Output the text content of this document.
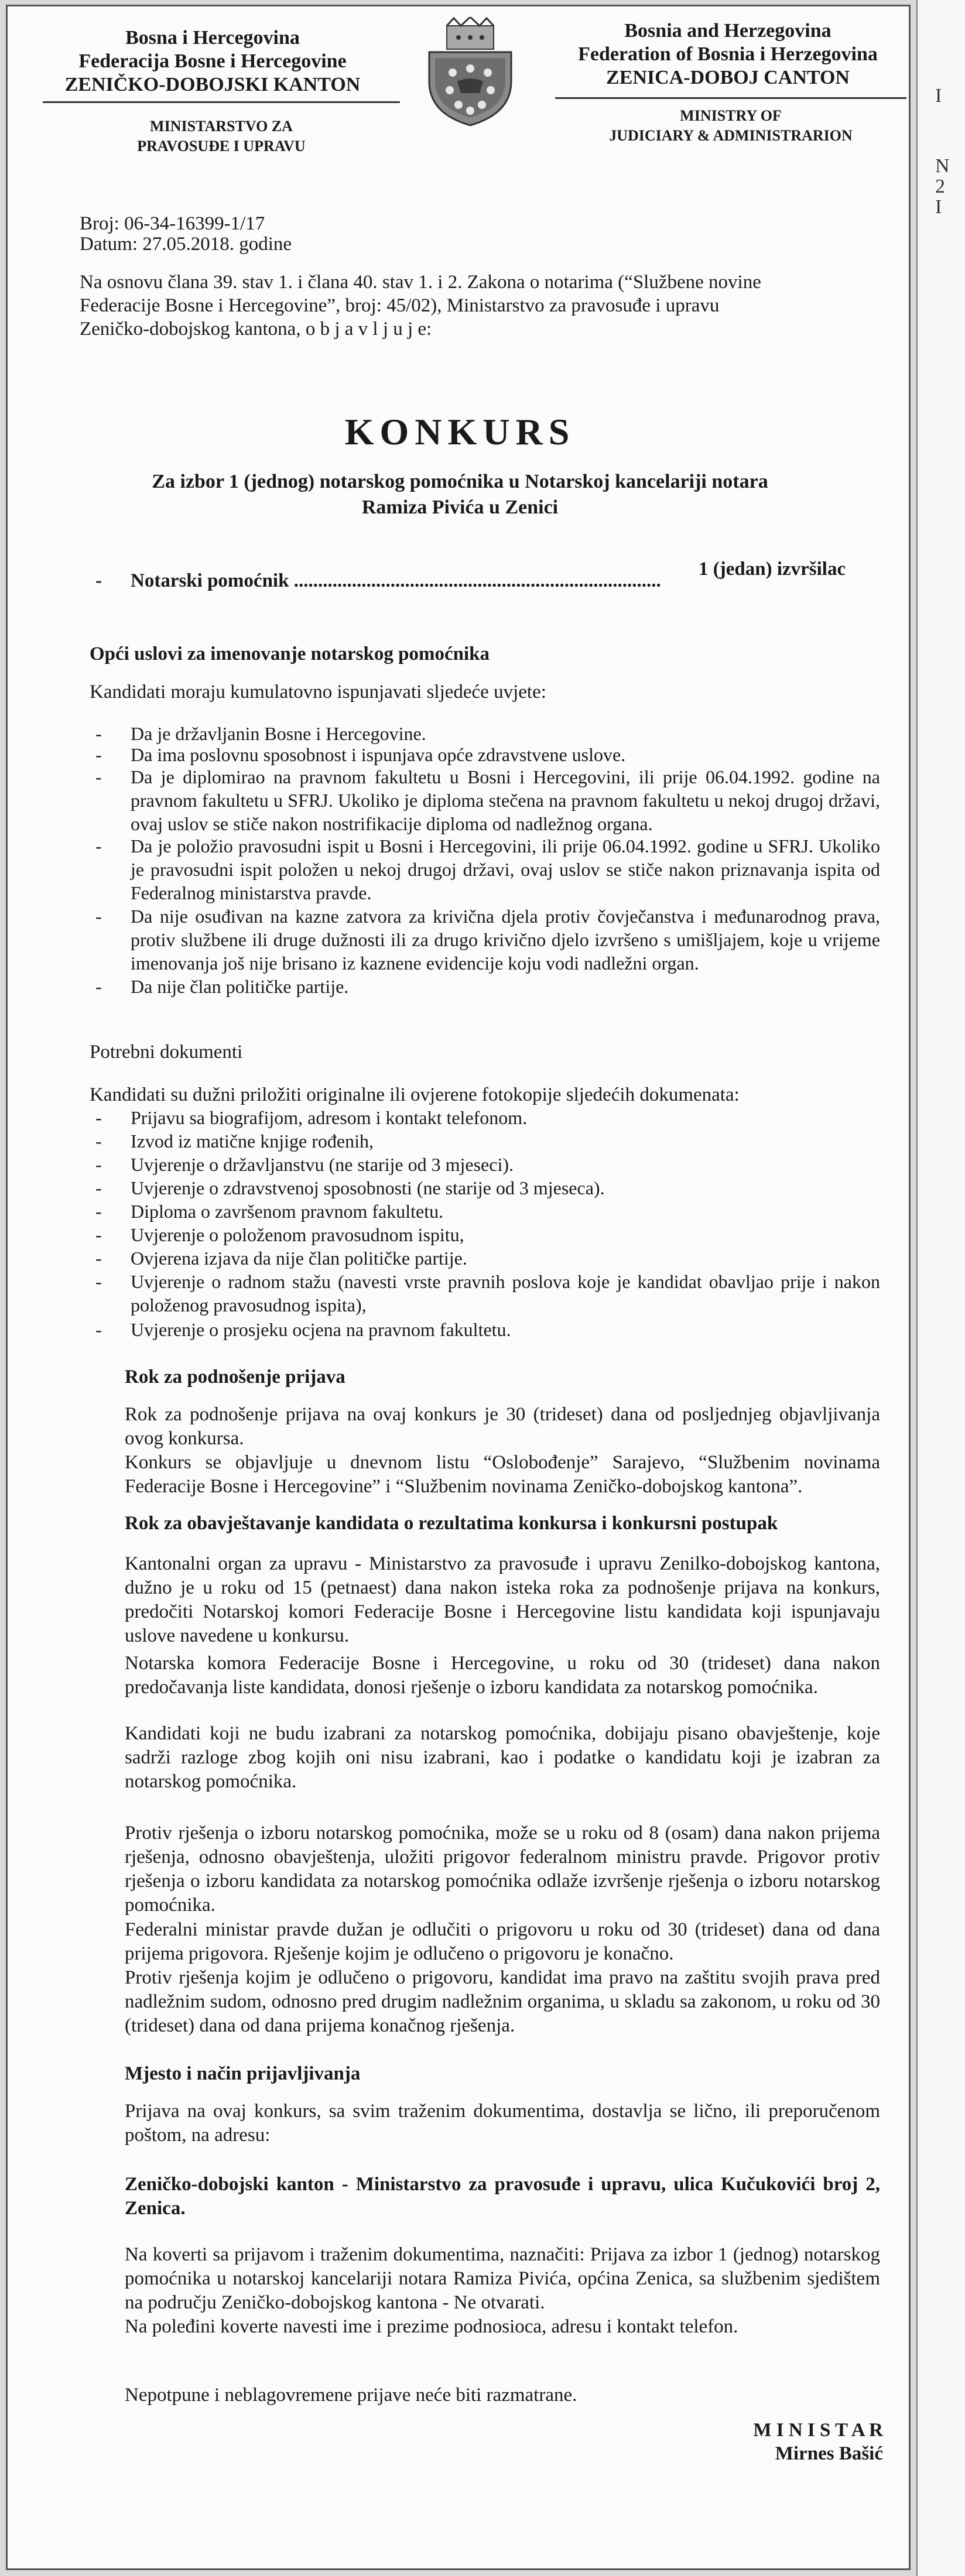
Bosna i Hercegovina
Federacija Bosne i Hercegovine
ZENIČKO-DOBOJSKI KANTON
MINISTARSTVO ZA
PRAVOSUĐE I UPRAVU
Bosnia and Herzegovina
Federation of Bosnia i Herzegovina
ZENICA-DOBOJ CANTON
MINISTRY OF
JUDICIARY & ADMINISTRARION
Broj: 06-34-16399-1/17
Datum: 27.05.2018. godine
Na osnovu člana 39. stav 1. i člana 40. stav 1. i 2. Zakona o notarima (“Službene novine
Federacije Bosne i Hercegovine”, broj: 45/02), Ministarstvo za pravosuđe i upravu
Zeničko-dobojskog kantona, o b j a v l j u j e:
KONKURS
Za izbor 1 (jednog) notarskog pomoćnika u Notarskoj kancelariji notara
Ramiza Pivića u Zenici
- Notarski pomoćnik ............................................................................
1 (jedan) izvršilac
Opći uslovi za imenovanje notarskog pomoćnika
Kandidati moraju kumulatovno ispunjavati sljedeće uvjete:
- Da je državljanin Bosne i Hercegovine.
- Da ima poslovnu sposobnost i ispunjava opće zdravstvene uslove.
- Da je diplomirao na pravnom fakultetu u Bosni i Hercegovini, ili prije 06.04.1992. godine na pravnom fakultetu u SFRJ. Ukoliko je diploma stečena na pravnom fakultetu u nekoj drugoj državi, ovaj uslov se stiče nakon nostrifikacije diploma od nadležnog organa.
- Da je položio pravosudni ispit u Bosni i Hercegovini, ili prije 06.04.1992. godine u SFRJ. Ukoliko je pravosudni ispit položen u nekoj drugoj državi, ovaj uslov se stiče nakon priznavanja ispita od Federalnog ministarstva pravde.
- Da nije osuđivan na kazne zatvora za krivična djela protiv čovječanstva i međunarodnog prava, protiv službene ili druge dužnosti ili za drugo krivično djelo izvršeno s umišljajem, koje u vrijeme imenovanja još nije brisano iz kaznene evidencije koju vodi nadležni organ.
- Da nije član političke partije.
Potrebni dokumenti
Kandidati su dužni priložiti originalne ili ovjerene fotokopije sljedećih dokumenata:
- Prijavu sa biografijom, adresom i kontakt telefonom.
- Izvod iz matične knjige rođenih,
- Uvjerenje o državljanstvu (ne starije od 3 mjeseci).
- Uvjerenje o zdravstvenoj sposobnosti (ne starije od 3 mjeseca).
- Diploma o završenom pravnom fakultetu.
- Uvjerenje o položenom pravosudnom ispitu,
- Ovjerena izjava da nije član političke partije.
- Uvjerenje o radnom stažu (navesti vrste pravnih poslova koje je kandidat obavljao prije i nakon položenog pravosudnog ispita),
- Uvjerenje o prosjeku ocjena na pravnom fakultetu.
Rok za podnošenje prijava
Rok za podnošenje prijava na ovaj konkurs je 30 (trideset) dana od posljednjeg objavljivanja ovog konkursa.
Konkurs se objavljuje u dnevnom listu “Oslobođenje” Sarajevo, “Službenim novinama Federacije Bosne i Hercegovine” i “Službenim novinama Zeničko-dobojskog kantona”.
Rok za obavještavanje kandidata o rezultatima konkursa i konkursni postupak
Kantonalni organ za upravu - Ministarstvo za pravosuđe i upravu Zenilko-dobojskog kantona, dužno je u roku od 15 (petnaest) dana nakon isteka roka za podnošenje prijava na konkurs, predočiti Notarskoj komori Federacije Bosne i Hercegovine listu kandidata koji ispunjavaju uslove navedene u konkursu.
Notarska komora Federacije Bosne i Hercegovine, u roku od 30 (trideset) dana nakon predočavanja liste kandidata, donosi rješenje o izboru kandidata za notarskog pomoćnika.
Kandidati koji ne budu izabrani za notarskog pomoćnika, dobijaju pisano obavještenje, koje sadrži razloge zbog kojih oni nisu izabrani, kao i podatke o kandidatu koji je izabran za notarskog pomoćnika.
Protiv rješenja o izboru notarskog pomoćnika, može se u roku od 8 (osam) dana nakon prijema rješenja, odnosno obavještenja, uložiti prigovor federalnom ministru pravde. Prigovor protiv rješenja o izboru kandidata za notarskog pomoćnika odlaže izvršenje rješenja o izboru notarskog pomoćnika.
Federalni ministar pravde dužan je odlučiti o prigovoru u roku od 30 (trideset) dana od dana prijema prigovora. Rješenje kojim je odlučeno o prigovoru je konačno.
Protiv rješenja kojim je odlučeno o prigovoru, kandidat ima pravo na zaštitu svojih prava pred nadležnim sudom, odnosno pred drugim nadležnim organima, u skladu sa zakonom, u roku od 30 (trideset) dana od dana prijema konačnog rješenja.
Mjesto i način prijavljivanja
Prijava na ovaj konkurs, sa svim traženim dokumentima, dostavlja se lično, ili preporučenom poštom, na adresu:
Zeničko-dobojski kanton - Ministarstvo za pravosuđe i upravu, ulica Kučukovići broj 2, Zenica.
Na koverti sa prijavom i traženim dokumentima, naznačiti: Prijava za izbor 1 (jednog) notarskog pomoćnika u notarskoj kancelariji notara Ramiza Pivića, općina Zenica, sa službenim sjedištem na području Zeničko-dobojskog kantona - Ne otvarati.
Na poleđini koverte navesti ime i prezime podnosioca, adresu i kontakt telefon.
Nepotpune i neblagovremene prijave neće biti razmatrane.
M I N I S T A R
Mirnes Bašić
I
N
2
I
